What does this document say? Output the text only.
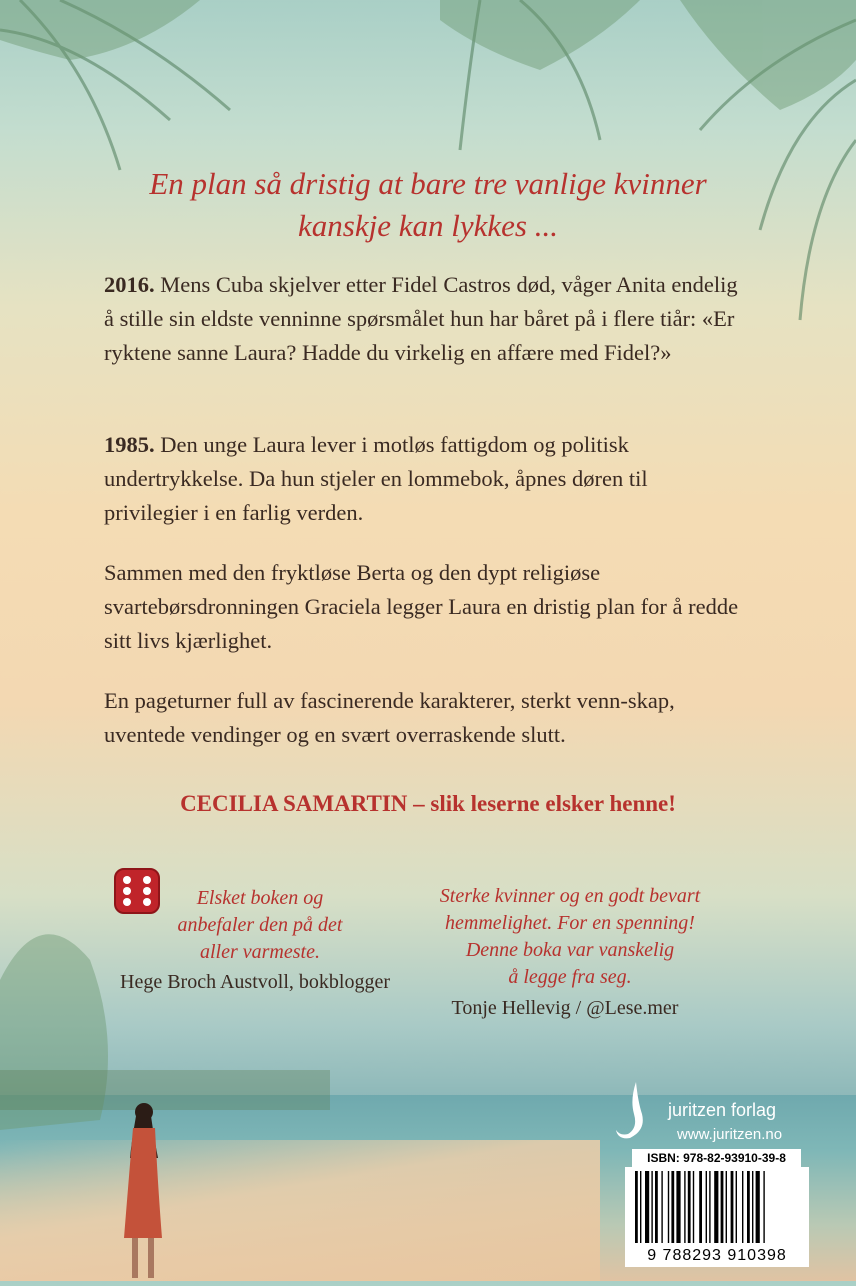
En plan så dristig at bare tre vanlige kvinner
kanskje kan lykkes ...

2016. Mens Cuba skjelver etter Fidel Castros død, våger Anita endelig å stille sin eldste venninne spørsmålet hun har båret på i flere tiår: «Er ryktene sanne Laura? Hadde du virkelig en affære med Fidel?»

1985. Den unge Laura lever i motløs fattigdom og politisk undertrykkelse. Da hun stjeler en lommebok, åpnes døren til privilegier i en farlig verden.

Sammen med den fryktløse Berta og den dypt religiøse svartebørsdronningen Graciela legger Laura en dristig plan for å redde sitt livs kjærlighet.

En pageturner full av fascinerende karakterer, sterkt venn-skap, uventede vendinger og en svært overraskende slutt.

CECILIA SAMARTIN – slik leserne elsker henne!
Elsket boken og
anbefaler den på det
aller varmeste.
Hege Broch Austvoll, bokblogger
Sterke kvinner og en godt bevart
hemmelighet. For en spenning!
Denne boka var vanskelig
å legge fra seg.
Tonje Hellevig / @Lese.mer
juritzen forlag
www.juritzen.no
ISBN: 978-82-93910-39-8
9 788293 910398
